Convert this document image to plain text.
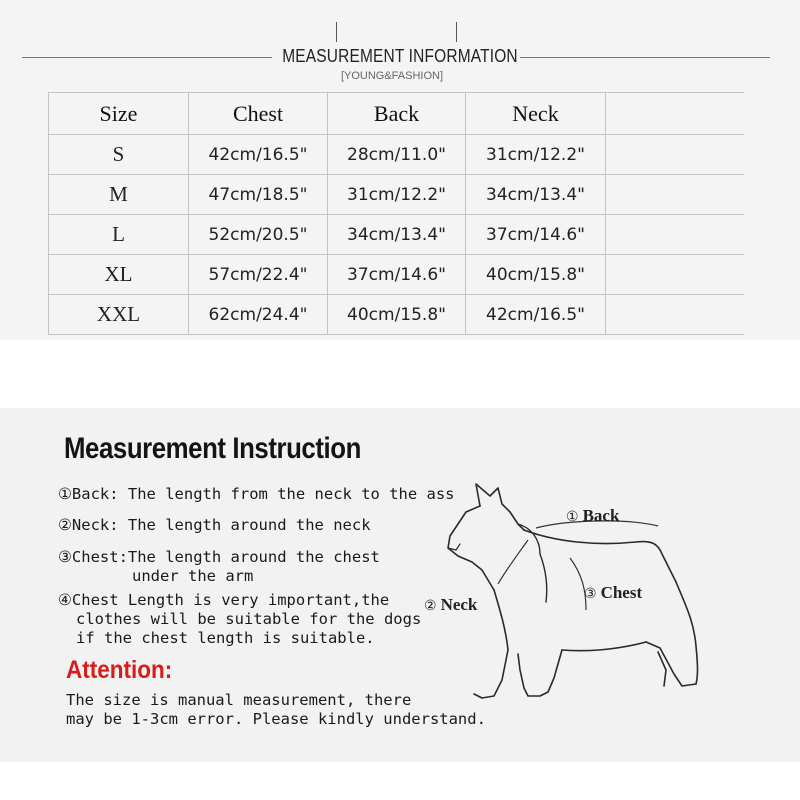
MEASUREMENT INFORMATION
[YOUNG&FASHION]
Size	Chest	Back	Neck	
S	42cm/16.5"	28cm/11.0"	31cm/12.2"	
M	47cm/18.5"	31cm/12.2"	34cm/13.4"	
L	52cm/20.5"	34cm/13.4"	37cm/14.6"	
XL	57cm/22.4"	37cm/14.6"	40cm/15.8"	
XXL	62cm/24.4"	40cm/15.8"	42cm/16.5"	
Measurement Instruction
①Back: The length from the neck to the ass
②Neck: The length around the neck
③Chest:The length around the chest
under the arm
④Chest Length is very important,the
clothes will be suitable for the dogs
if the chest length is suitable.
Attention:
The size is manual measurement, there
may be 1-3cm error. Please kindly understand.
① Back
② Neck
③ Chest
